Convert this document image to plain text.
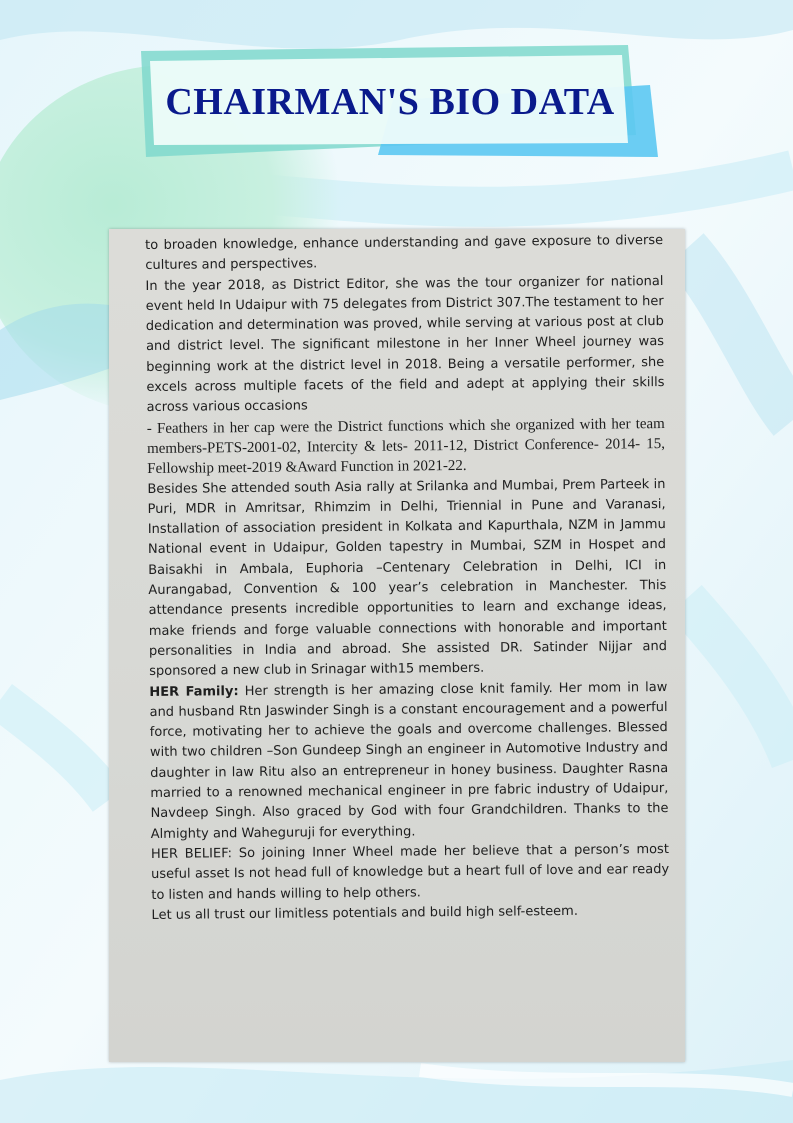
CHAIRMAN'S BIO DATA

to broaden knowledge, enhance understanding and gave exposure to diverse cultures and perspectives.

In the year 2018, as District Editor, she was the tour organizer for national event held In Udaipur with 75 delegates from District 307.The testament to her dedication and determination was proved, while serving at various post at club and district level. The significant milestone in her Inner Wheel journey was beginning work at the district level in 2018. Being a versatile performer, she excels across multiple facets of the field and adept at applying their skills across various occasions

- Feathers in her cap were the District functions which she organized with her team members-PETS-2001-02, Intercity & lets- 2011-12, District Conference- 2014- 15, Fellowship meet-2019 &Award Function in 2021-22.

Besides She attended south Asia rally at Srilanka and Mumbai, Prem Parteek in Puri, MDR in Amritsar, Rhimzim in Delhi, Triennial in Pune and Varanasi, Installation of association president in Kolkata and Kapurthala, NZM in Jammu National event in Udaipur, Golden tapestry in Mumbai, SZM in Hospet and Baisakhi in Ambala, Euphoria –Centenary Celebration in Delhi, ICI in Aurangabad, Convention & 100 year’s celebration in Manchester. This attendance presents incredible opportunities to learn and exchange ideas, make friends and forge valuable connections with honorable and important personalities in India and abroad. She assisted DR. Satinder Nijjar and sponsored a new club in Srinagar with15 members.

HER Family: Her strength is her amazing close knit family. Her mom in law and husband Rtn Jaswinder Singh is a constant encouragement and a powerful force, motivating her to achieve the goals and overcome challenges. Blessed with two children –Son Gundeep Singh an engineer in Automotive Industry and daughter in law Ritu also an entrepreneur in honey business. Daughter Rasna married to a renowned mechanical engineer in pre fabric industry of Udaipur, Navdeep Singh. Also graced by God with four Grandchildren. Thanks to the Almighty and Waheguruji for everything.

HER BELIEF: So joining Inner Wheel made her believe that a person’s most useful asset Is not head full of knowledge but a heart full of love and ear ready to listen and hands willing to help others.

Let us all trust our limitless potentials and build high self-esteem.
